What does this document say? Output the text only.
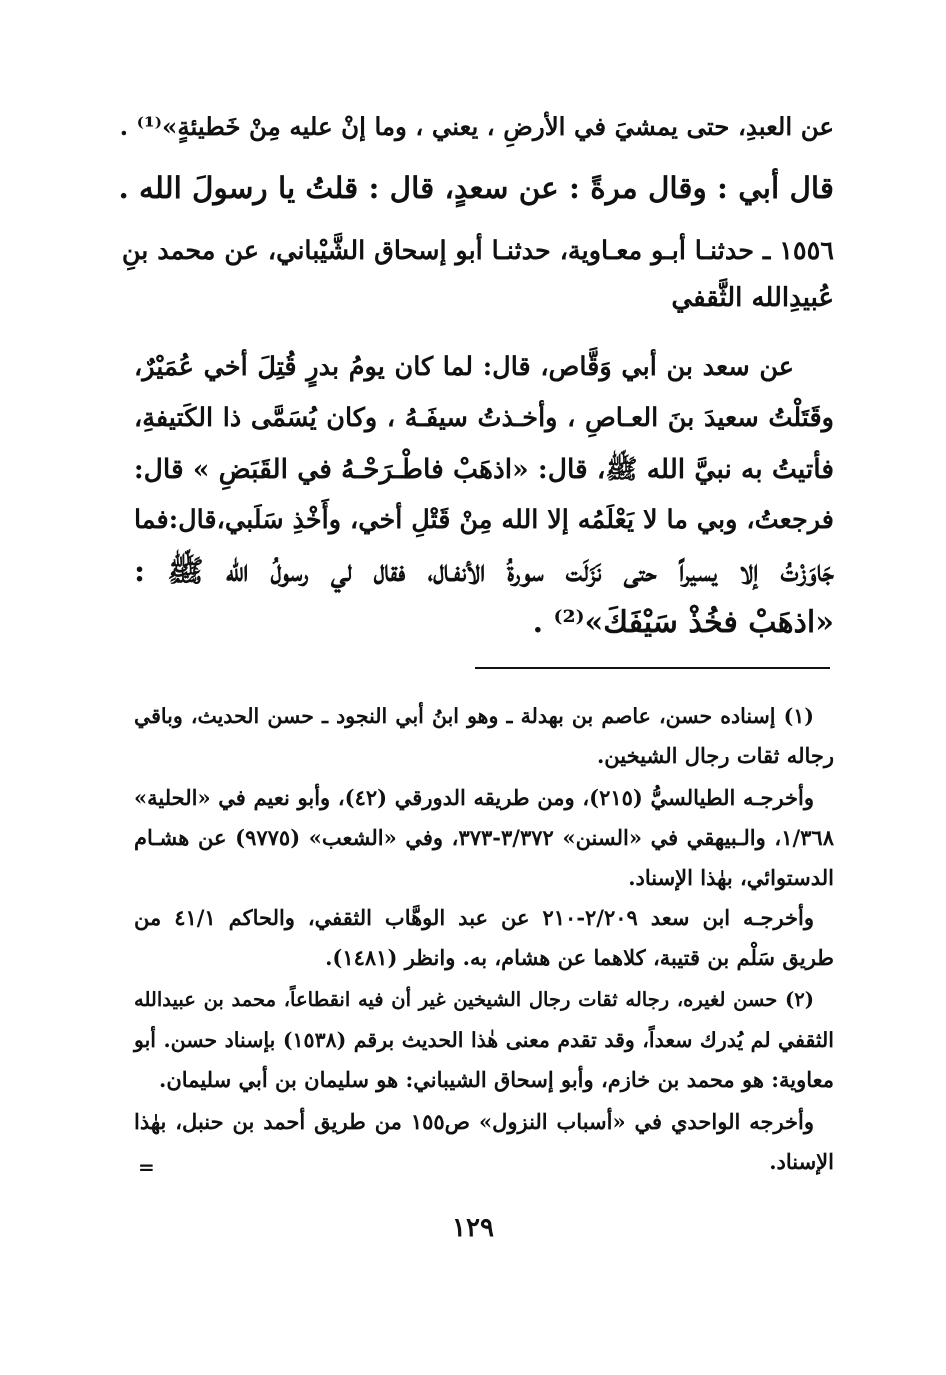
عن العبدِ، حتى يمشيَ في الأرضِ ، يعني ، وما إنْ عليه مِنْ خَطيئةٍ»⁽¹⁾ .
قال أبي : وقال مرةً : عن سعدٍ، قال : قلتُ يا رسولَ الله .
١٥٥٦ ـ حدثنـا أبـو معـاوية، حدثنـا أبو إسحاق الشَّيْباني، عن محمد بنِ
عُبيدِالله الثَّقفي
عن سعد بن أبي وَقَّاص، قال: لما كان يومُ بدرٍ قُتِلَ أخي عُمَيْرٌ،
وقَتَلْتُ سعيدَ بنَ العـاصِ ، وأخـذتُ سيفَـهُ ، وكان يُسَمَّى ذا الكَتيفةِ،
فأتيتُ به نبيَّ الله ﷺ، قال: «اذهَبْ فاطْـرَحْـهُ في القَبَضِ » قال:
فرجعتُ، وبي ما لا يَعْلَمُه إلا الله مِنْ قَتْلِ أخي، وأَخْذِ سَلَبي،قال:فما
جَاوَزْتُ إلا يسيراً حتى نَزَلَت سورةُ الأنفـال، فقال لي رسولُ الله ﷺ :
«اذهَبْ فخُذْ سَيْفَكَ»⁽²⁾ .
(١) إسناده حسن، عاصم بن بهدلة ـ وهو ابنُ أبي النجود ـ حسن الحديث، وباقي
رجاله ثقات رجال الشيخين.
وأخرجـه الطيالسيُّ (٢١٥)، ومن طريقه الدورقي (٤٢)، وأبو نعيم في «الحلية»
١/٣٦٨، والـبيهقي في «السنن» ٣/٣٧٢-٣٧٣، وفي «الشعب» (٩٧٧٥) عن هشـام
الدستوائي، بهٰذا الإسناد.
وأخرجـه ابن سعد ٢/٢٠٩-٢١٠ عن عبد الوهَّاب الثقفي، والحاكم ٤١/١ من
طريق سَلْم بن قتيبة، كلاهما عن هشام، به. وانظر (١٤٨١).
(٢) حسن لغيره، رجاله ثقات رجال الشيخين غير أن فيه انقطاعاً، محمد بن عبيدالله
الثقفي لم يُدرك سعداً، وقد تقدم معنى هٰذا الحديث برقم (١٥٣٨) بإسناد حسن. أبو
معاوية: هو محمد بن خازم، وأبو إسحاق الشيباني: هو سليمان بن أبي سليمان.
وأخرجه الواحدي في «أسباب النزول» ص١٥٥ من طريق أحمد بن حنبل، بهٰذا
الإسناد.
=
١٢٩
